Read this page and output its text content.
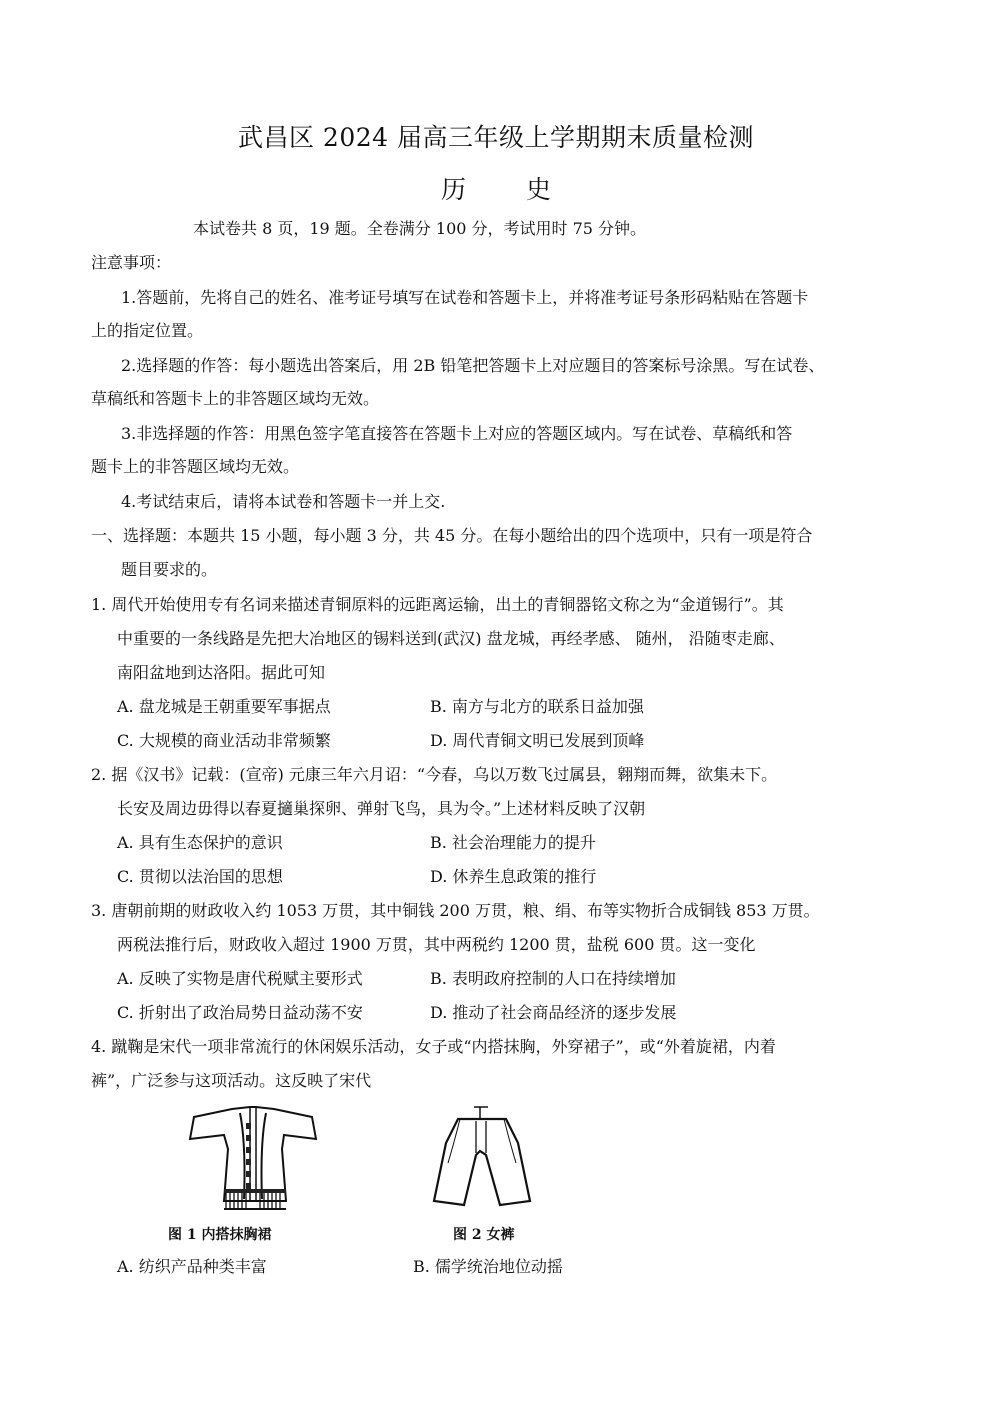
武昌区 2024 届高三年级上学期期末质量检测
历 史
本试卷共 8 页，19 题。全卷满分 100 分，考试用时 75 分钟。
注意事项：
1.答题前，先将自己的姓名、准考证号填写在试卷和答题卡上，并将准考证号条形码粘贴在答题卡
上的指定位置。
2.选择题的作答：每小题选出答案后，用 2B 铅笔把答题卡上对应题目的答案标号涂黑。写在试卷、
草稿纸和答题卡上的非答题区域均无效。
3.非选择题的作答：用黑色签字笔直接答在答题卡上对应的答题区域内。写在试卷、草稿纸和答
题卡上的非答题区域均无效。
4.考试结束后，请将本试卷和答题卡一并上交.
一、选择题：本题共 15 小题，每小题 3 分，共 45 分。在每小题给出的四个选项中，只有一项是符合
题目要求的。
1. 周代开始使用专有名词来描述青铜原料的远距离运输，出土的青铜器铭文称之为“金道锡行”。其
中重要的一条线路是先把大冶地区的锡料送到(武汉) 盘龙城，再经孝感、 随州， 沿随枣走廊、
南阳盆地到达洛阳。据此可知
A. 盘龙城是王朝重要军事据点	B. 南方与北方的联系日益加强
C. 大规模的商业活动非常频繁	D. 周代青铜文明已发展到顶峰
2. 据《汉书》记载：(宣帝) 元康三年六月诏：“今春，乌以万数飞过属县，翱翔而舞，欲集未下。
长安及周边毋得以春夏擿巢探卵、弹射飞鸟，具为令。”上述材料反映了汉朝
A. 具有生态保护的意识	B. 社会治理能力的提升
C. 贯彻以法治国的思想	D. 休养生息政策的推行
3. 唐朝前期的财政收入约 1053 万贯，其中铜钱 200 万贯，粮、绢、布等实物折合成铜钱 853 万贯。
两税法推行后，财政收入超过 1900 万贯，其中两税约 1200 贯，盐税 600 贯。这一变化
A. 反映了实物是唐代税赋主要形式	B. 表明政府控制的人口在持续增加
C. 折射出了政治局势日益动荡不安	D. 推动了社会商品经济的逐步发展
4. 蹴鞠是宋代一项非常流行的休闲娱乐活动，女子或“内搭抹胸，外穿裙子”，或“外着旋裙，内着
裤”，广泛参与这项活动。这反映了宋代
图 1 内搭抹胸裙	图 2 女裤
A. 纺织产品种类丰富	B. 儒学统治地位动摇
